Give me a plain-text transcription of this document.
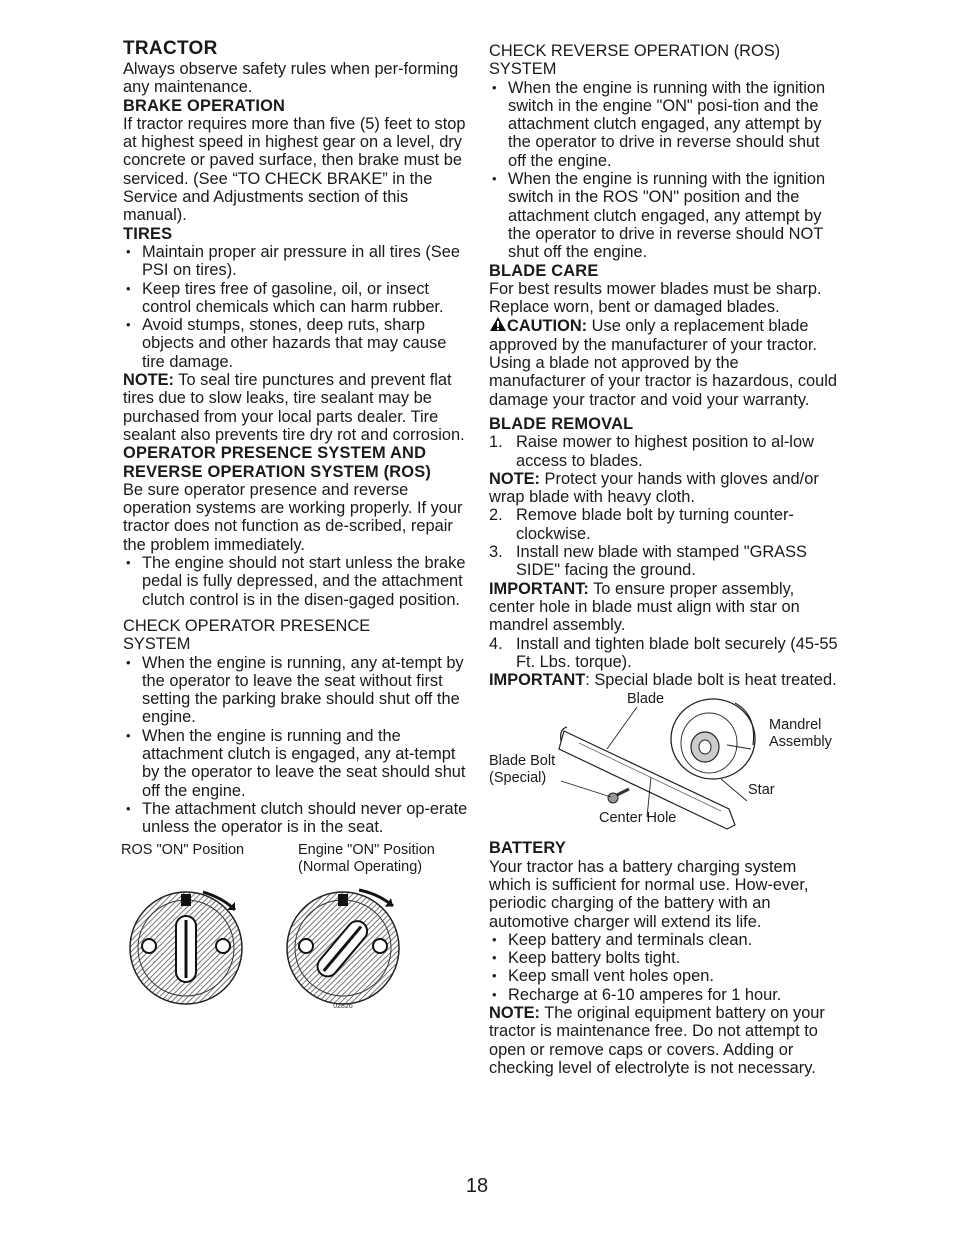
TRACTOR

Always observe safety rules when per-forming any maintenance.

BRAKE OPERATION

If tractor requires more than five (5) feet to stop at highest speed in highest gear on a level, dry concrete or paved surface, then brake must be serviced. (See “TO CHECK BRAKE” in the Service and Adjustments section of this manual).

TIRES
• Maintain proper air pressure in all tires (See PSI on tires).
• Keep tires free of gasoline, oil, or insect control chemicals which can harm rubber.
• Avoid stumps, stones, deep ruts, sharp objects and other hazards that may cause tire damage.

NOTE: To seal tire punctures and prevent flat tires due to slow leaks, tire sealant may be purchased from your local parts dealer. Tire sealant also prevents tire dry rot and corrosion.

OPERATOR PRESENCE SYSTEM AND
REVERSE OPERATION SYSTEM (ROS)

Be sure operator presence and reverse operation systems are working properly. If your tractor does not function as de-scribed, repair the problem immediately.

• The engine should not start unless the brake pedal is fully depressed, and the attachment clutch control is in the disen-gaged position.

CHECK OPERATOR PRESENCE SYSTEM

• When the engine is running, any at-tempt by the operator to leave the seat without first setting the parking brake should shut off the engine.
• When the engine is running and the attachment clutch is engaged, any at-tempt by the operator to leave the seat should shut off the engine.
• The attachment clutch should never op-erate unless the operator is in the seat.
ROS "ON" Position	Engine "ON" Position
(Normal Operating)
02826

CHECK REVERSE OPERATION (ROS) SYSTEM

• When the engine is running with the ignition switch in the engine "ON" posi-tion and the attachment clutch engaged, any attempt by the operator to drive in reverse should shut off the engine.
• When the engine is running with the ignition switch in the ROS "ON" position and the attachment clutch engaged, any attempt by the operator to drive in reverse should NOT shut off the engine.
BLADE CARE

For best results mower blades must be sharp. Replace worn, bent or damaged blades.

CAUTION: Use only a replacement blade approved by the manufacturer of your tractor. Using a blade not approved by the manufacturer of your tractor is hazardous, could damage your tractor and void your warranty.

BLADE REMOVAL
1. Raise mower to highest position to al-low access to blades.

NOTE: Protect your hands with gloves and/or wrap blade with heavy cloth.

2. Remove blade bolt by turning counter-clockwise.
3. Install new blade with stamped "GRASS SIDE" facing the ground.

IMPORTANT: To ensure proper assembly, center hole in blade must align with star on mandrel assembly.

4. Install and tighten blade bolt securely (45-55 Ft. Lbs. torque).

IMPORTANT: Special blade bolt is heat treated.

Blade
Mandrel
Assembly
Blade Bolt
(Special)
Star
Center Hole
BATTERY

Your tractor has a battery charging system which is sufficient for normal use. How-ever, periodic charging of the battery with an automotive charger will extend its life.

• Keep battery and terminals clean.
• Keep battery bolts tight.
• Keep small vent holes open.
• Recharge at 6-10 amperes for 1 hour.

NOTE: The original equipment battery on your tractor is maintenance free. Do not attempt to open or remove caps or covers. Adding or checking level of electrolyte is not necessary.

18
